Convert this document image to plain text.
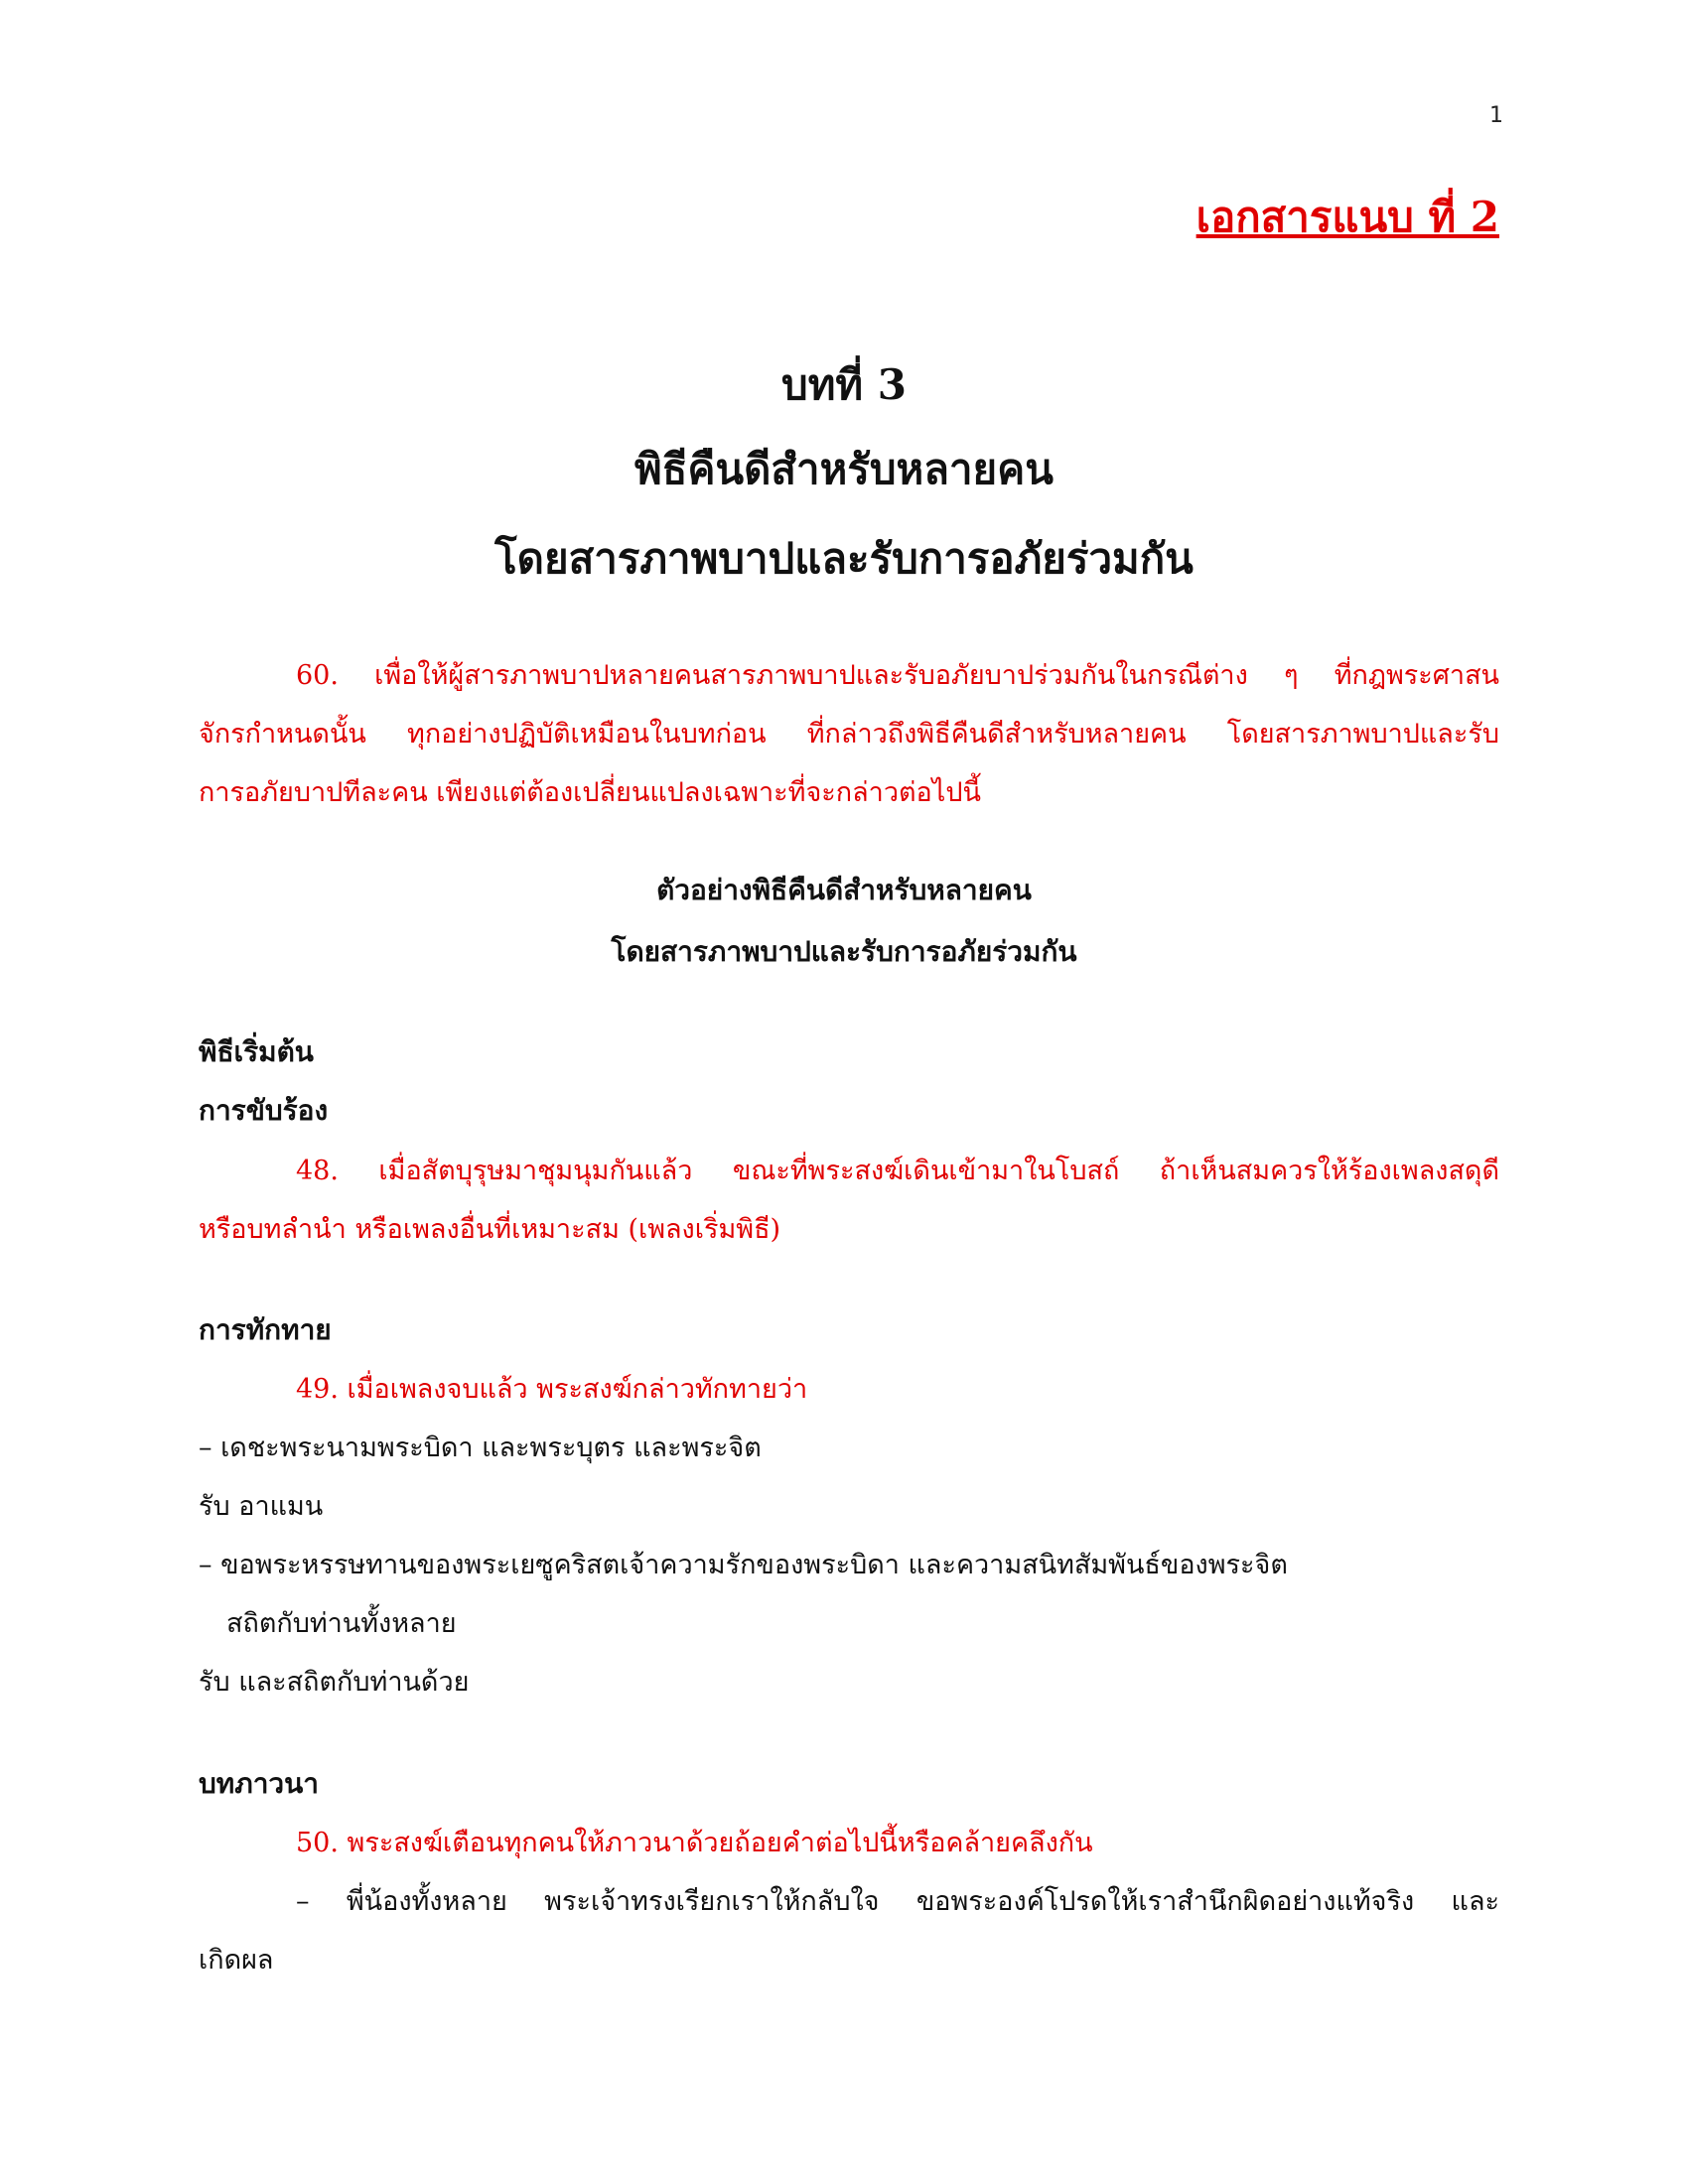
1
เอกสารแนบ ที่ 2
บทที่ 3
พิธีคืนดีสำหรับหลายคน
โดยสารภาพบาปและรับการอภัยร่วมกัน
60. เพื่อให้ผู้สารภาพบาปหลายคนสารภาพบาปและรับอภัยบาปร่วมกันในกรณีต่าง ๆ ที่กฎพระศาสน
จักรกำหนดนั้น ทุกอย่างปฏิบัติเหมือนในบทก่อน ที่กล่าวถึงพิธีคืนดีสำหรับหลายคน โดยสารภาพบาปและรับ
การอภัยบาปทีละคน เพียงแต่ต้องเปลี่ยนแปลงเฉพาะที่จะกล่าวต่อไปนี้
ตัวอย่างพิธีคืนดีสำหรับหลายคน
โดยสารภาพบาปและรับการอภัยร่วมกัน
พิธีเริ่มต้น
การขับร้อง
48. เมื่อสัตบุรุษมาชุมนุมกันแล้ว ขณะที่พระสงฆ์เดินเข้ามาในโบสถ์ ถ้าเห็นสมควรให้ร้องเพลงสดุดี
หรือบทลำนำ หรือเพลงอื่นที่เหมาะสม (เพลงเริ่มพิธี)
การทักทาย
49. เมื่อเพลงจบแล้ว พระสงฆ์กล่าวทักทายว่า
– เดชะพระนามพระบิดา และพระบุตร และพระจิต
รับ อาแมน
– ขอพระหรรษทานของพระเยซูคริสตเจ้าความรักของพระบิดา และความสนิทสัมพันธ์ของพระจิต
สถิตกับท่านทั้งหลาย
รับ และสถิตกับท่านด้วย
บทภาวนา
50. พระสงฆ์เตือนทุกคนให้ภาวนาด้วยถ้อยคำต่อไปนี้หรือคล้ายคลึงกัน
– พี่น้องทั้งหลาย พระเจ้าทรงเรียกเราให้กลับใจ ขอพระองค์โปรดให้เราสำนึกผิดอย่างแท้จริง และ
เกิดผล
